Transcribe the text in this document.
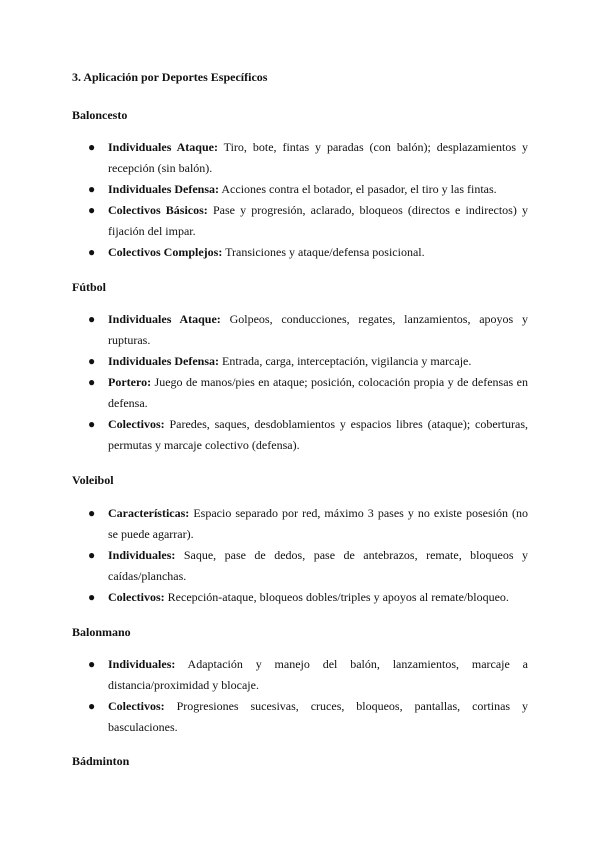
3. Aplicación por Deportes Específicos
Baloncesto
● Individuales Ataque: Tiro, bote, fintas y paradas (con balón); desplazamientos y recepción (sin balón).
● Individuales Defensa: Acciones contra el botador, el pasador, el tiro y las fintas.
● Colectivos Básicos: Pase y progresión, aclarado, bloqueos (directos e indirectos) y fijación del impar.
● Colectivos Complejos: Transiciones y ataque/defensa posicional.
Fútbol
● Individuales Ataque: Golpeos, conducciones, regates, lanzamientos, apoyos y rupturas.
● Individuales Defensa: Entrada, carga, interceptación, vigilancia y marcaje.
● Portero: Juego de manos/pies en ataque; posición, colocación propia y de defensas en defensa.
● Colectivos: Paredes, saques, desdoblamientos y espacios libres (ataque); coberturas, permutas y marcaje colectivo (defensa).
Voleibol
● Características: Espacio separado por red, máximo 3 pases y no existe posesión (no se puede agarrar).
● Individuales: Saque, pase de dedos, pase de antebrazos, remate, bloqueos y caídas/planchas.
● Colectivos: Recepción-ataque, bloqueos dobles/triples y apoyos al remate/bloqueo.
Balonmano
● Individuales: Adaptación y manejo del balón, lanzamientos, marcaje a distancia/proximidad y blocaje.
● Colectivos: Progresiones sucesivas, cruces, bloqueos, pantallas, cortinas y basculaciones.
Bádminton
